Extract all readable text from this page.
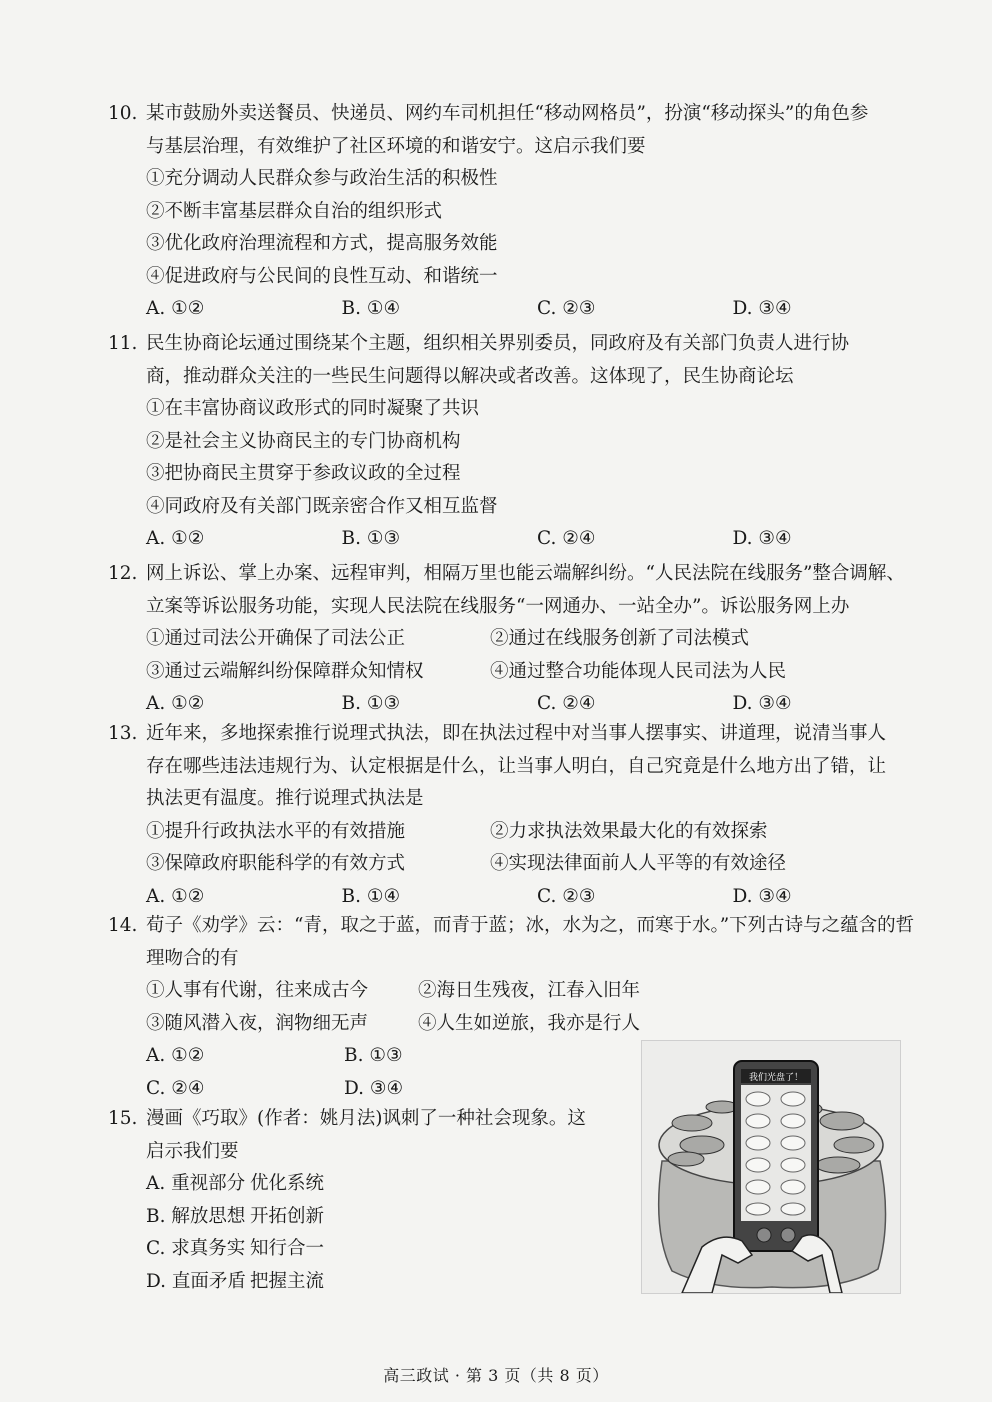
10. 某市鼓励外卖送餐员、快递员、网约车司机担任“移动网格员”，扮演“移动探头”的角色参
与基层治理，有效维护了社区环境的和谐安宁。这启示我们要
①充分调动人民群众参与政治生活的积极性
②不断丰富基层群众自治的组织形式
③优化政府治理流程和方式，提高服务效能
④促进政府与公民间的良性互动、和谐统一
A. ①②	B. ①④	C. ②③	D. ③④
11. 民生协商论坛通过围绕某个主题，组织相关界别委员，同政府及有关部门负责人进行协
商，推动群众关注的一些民生问题得以解决或者改善。这体现了，民生协商论坛
①在丰富协商议政形式的同时凝聚了共识
②是社会主义协商民主的专门协商机构
③把协商民主贯穿于参政议政的全过程
④同政府及有关部门既亲密合作又相互监督
A. ①②	B. ①③	C. ②④	D. ③④
12. 网上诉讼、掌上办案、远程审判，相隔万里也能云端解纠纷。“人民法院在线服务”整合调解、
立案等诉讼服务功能，实现人民法院在线服务“一网通办、一站全办”。诉讼服务网上办
①通过司法公开确保了司法公正	②通过在线服务创新了司法模式
③通过云端解纠纷保障群众知情权	④通过整合功能体现人民司法为人民
A. ①②	B. ①③	C. ②④	D. ③④
13. 近年来，多地探索推行说理式执法，即在执法过程中对当事人摆事实、讲道理，说清当事人
存在哪些违法违规行为、认定根据是什么，让当事人明白，自己究竟是什么地方出了错，让
执法更有温度。推行说理式执法是
①提升行政执法水平的有效措施	②力求执法效果最大化的有效探索
③保障政府职能科学的有效方式	④实现法律面前人人平等的有效途径
A. ①②	B. ①④	C. ②③	D. ③④
14. 荀子《劝学》云：“青，取之于蓝，而青于蓝；冰，水为之，而寒于水。”下列古诗与之蕴含的哲
理吻合的有
①人事有代谢，往来成古今	②海日生残夜，江春入旧年
③随风潜入夜，润物细无声	④人生如逆旅，我亦是行人
A. ①②	B. ①③
C. ②④	D. ③④
15. 漫画《巧取》(作者：姚月法)讽刺了一种社会现象。这
启示我们要
A. 重视部分 优化系统
B. 解放思想 开拓创新
C. 求真务实 知行合一
D. 直面矛盾 把握主流
我们光盘了！
高三政试 · 第 3 页（共 8 页）
